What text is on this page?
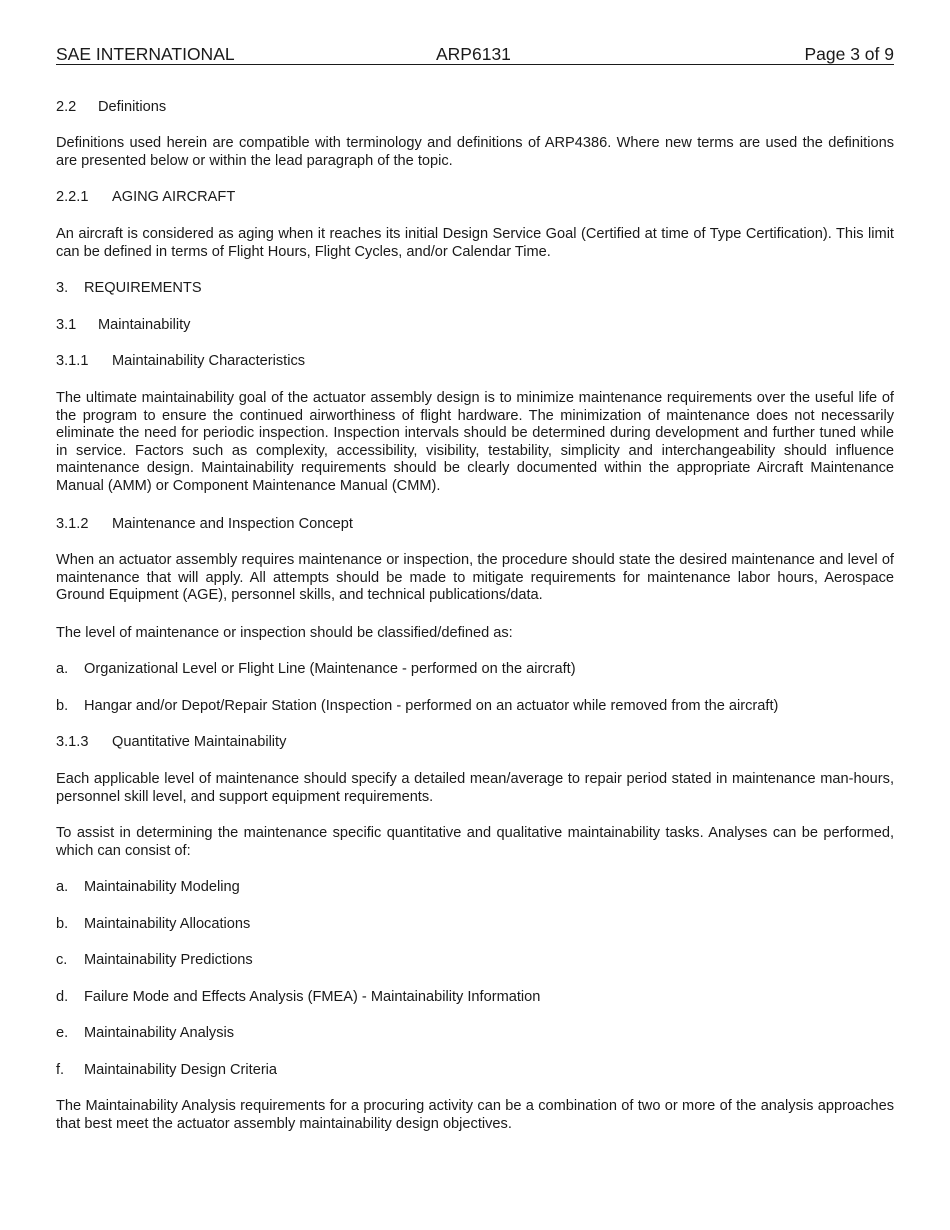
SAE INTERNATIONAL	ARP6131	Page 3 of 9
2.2 Definitions

Definitions used herein are compatible with terminology and definitions of ARP4386. Where new terms are used the definitions are presented below or within the lead paragraph of the topic.

2.2.1 AGING AIRCRAFT

An aircraft is considered as aging when it reaches its initial Design Service Goal (Certified at time of Type Certification). This limit can be defined in terms of Flight Hours, Flight Cycles, and/or Calendar Time.

3. REQUIREMENTS
3.1 Maintainability
3.1.1 Maintainability Characteristics

The ultimate maintainability goal of the actuator assembly design is to minimize maintenance requirements over the useful life of the program to ensure the continued airworthiness of flight hardware. The minimization of maintenance does not necessarily eliminate the need for periodic inspection. Inspection intervals should be determined during development and further tuned while in service. Factors such as complexity, accessibility, visibility, testability, simplicity and interchangeability should influence maintenance design. Maintainability requirements should be clearly documented within the appropriate Aircraft Maintenance Manual (AMM) or Component Maintenance Manual (CMM).

3.1.2 Maintenance and Inspection Concept

When an actuator assembly requires maintenance or inspection, the procedure should state the desired maintenance and level of maintenance that will apply. All attempts should be made to mitigate requirements for maintenance labor hours, Aerospace Ground Equipment (AGE), personnel skills, and technical publications/data.

The level of maintenance or inspection should be classified/defined as:

a. Organizational Level or Flight Line (Maintenance - performed on the aircraft)
b. Hangar and/or Depot/Repair Station (Inspection - performed on an actuator while removed from the aircraft)
3.1.3 Quantitative Maintainability

Each applicable level of maintenance should specify a detailed mean/average to repair period stated in maintenance man-hours, personnel skill level, and support equipment requirements.

To assist in determining the maintenance specific quantitative and qualitative maintainability tasks. Analyses can be performed, which can consist of:

a. Maintainability Modeling
b. Maintainability Allocations
c. Maintainability Predictions
d. Failure Mode and Effects Analysis (FMEA) - Maintainability Information
e. Maintainability Analysis
f. Maintainability Design Criteria

The Maintainability Analysis requirements for a procuring activity can be a combination of two or more of the analysis approaches that best meet the actuator assembly maintainability design objectives.
